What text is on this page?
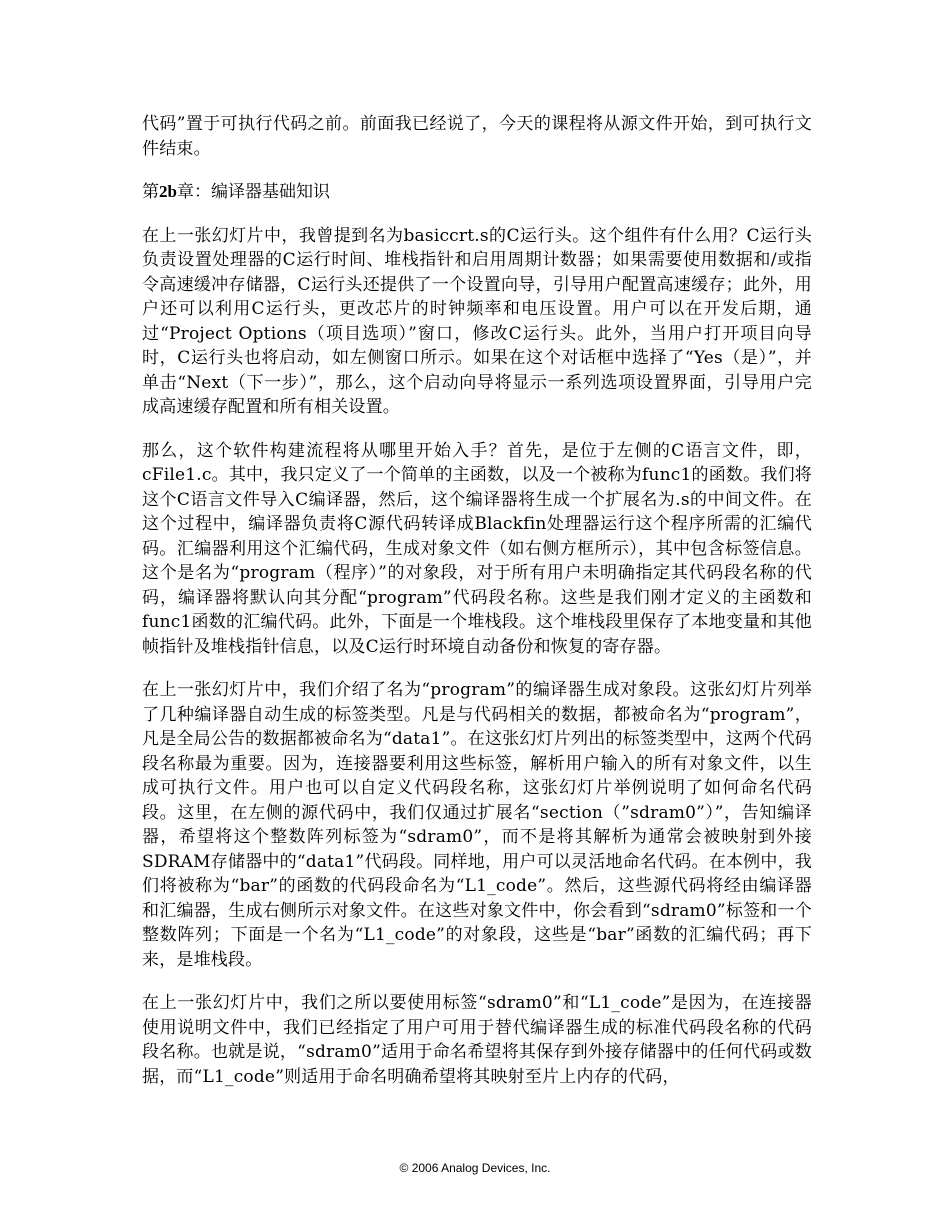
代码”置于可执行代码之前。前面我已经说了，今天的课程将从源文件开始，到可执行文件结束。

第2b章：编译器基础知识

在上一张幻灯片中，我曾提到名为basiccrt.s的C运行头。这个组件有什么用？C运行头负责设置处理器的C运行时间、堆栈指针和启用周期计数器；如果需要使用数据和/或指令高速缓冲存储器，C运行头还提供了一个设置向导，引导用户配置高速缓存；此外，用户还可以利用C运行头，更改芯片的时钟频率和电压设置。用户可以在开发后期，通过“Project Options（项目选项）”窗口，修改C运行头。此外，当用户打开项目向导时，C运行头也将启动，如左侧窗口所示。如果在这个对话框中选择了“Yes（是）”，并单击“Next（下一步）”，那么，这个启动向导将显示一系列选项设置界面，引导用户完成高速缓存配置和所有相关设置。

那么，这个软件构建流程将从哪里开始入手？首先，是位于左侧的C语言文件，即，cFile1.c。其中，我只定义了一个简单的主函数，以及一个被称为func1的函数。我们将这个C语言文件导入C编译器，然后，这个编译器将生成一个扩展名为.s的中间文件。在这个过程中，编译器负责将C源代码转译成Blackfin处理器运行这个程序所需的汇编代码。汇编器利用这个汇编代码，生成对象文件（如右侧方框所示），其中包含标签信息。这个是名为“program（程序）”的对象段，对于所有用户未明确指定其代码段名称的代码，编译器将默认向其分配“program”代码段名称。这些是我们刚才定义的主函数和func1函数的汇编代码。此外，下面是一个堆栈段。这个堆栈段里保存了本地变量和其他帧指针及堆栈指针信息，以及C运行时环境自动备份和恢复的寄存器。

在上一张幻灯片中，我们介绍了名为“program”的编译器生成对象段。这张幻灯片列举了几种编译器自动生成的标签类型。凡是与代码相关的数据，都被命名为“program”，凡是全局公告的数据都被命名为“data1”。在这张幻灯片列出的标签类型中，这两个代码段名称最为重要。因为，连接器要利用这些标签，解析用户输入的所有对象文件，以生成可执行文件。用户也可以自定义代码段名称，这张幻灯片举例说明了如何命名代码段。这里，在左侧的源代码中，我们仅通过扩展名“section（”sdram0”）”，告知编译器，希望将这个整数阵列标签为“sdram0”，而不是将其解析为通常会被映射到外接SDRAM存储器中的“data1”代码段。同样地，用户可以灵活地命名代码。在本例中，我们将被称为“bar”的函数的代码段命名为“L1_code”。然后，这些源代码将经由编译器和汇编器，生成右侧所示对象文件。在这些对象文件中，你会看到“sdram0”标签和一个整数阵列；下面是一个名为“L1_code”的对象段，这些是“bar”函数的汇编代码；再下来，是堆栈段。

在上一张幻灯片中，我们之所以要使用标签“sdram0”和“L1_code”是因为，在连接器使用说明文件中，我们已经指定了用户可用于替代编译器生成的标准代码段名称的代码段名称。也就是说，“sdram0”适用于命名希望将其保存到外接存储器中的任何代码或数据，而“L1_code”则适用于命名明确希望将其映射至片上内存的代码，

© 2006 Analog Devices, Inc.
